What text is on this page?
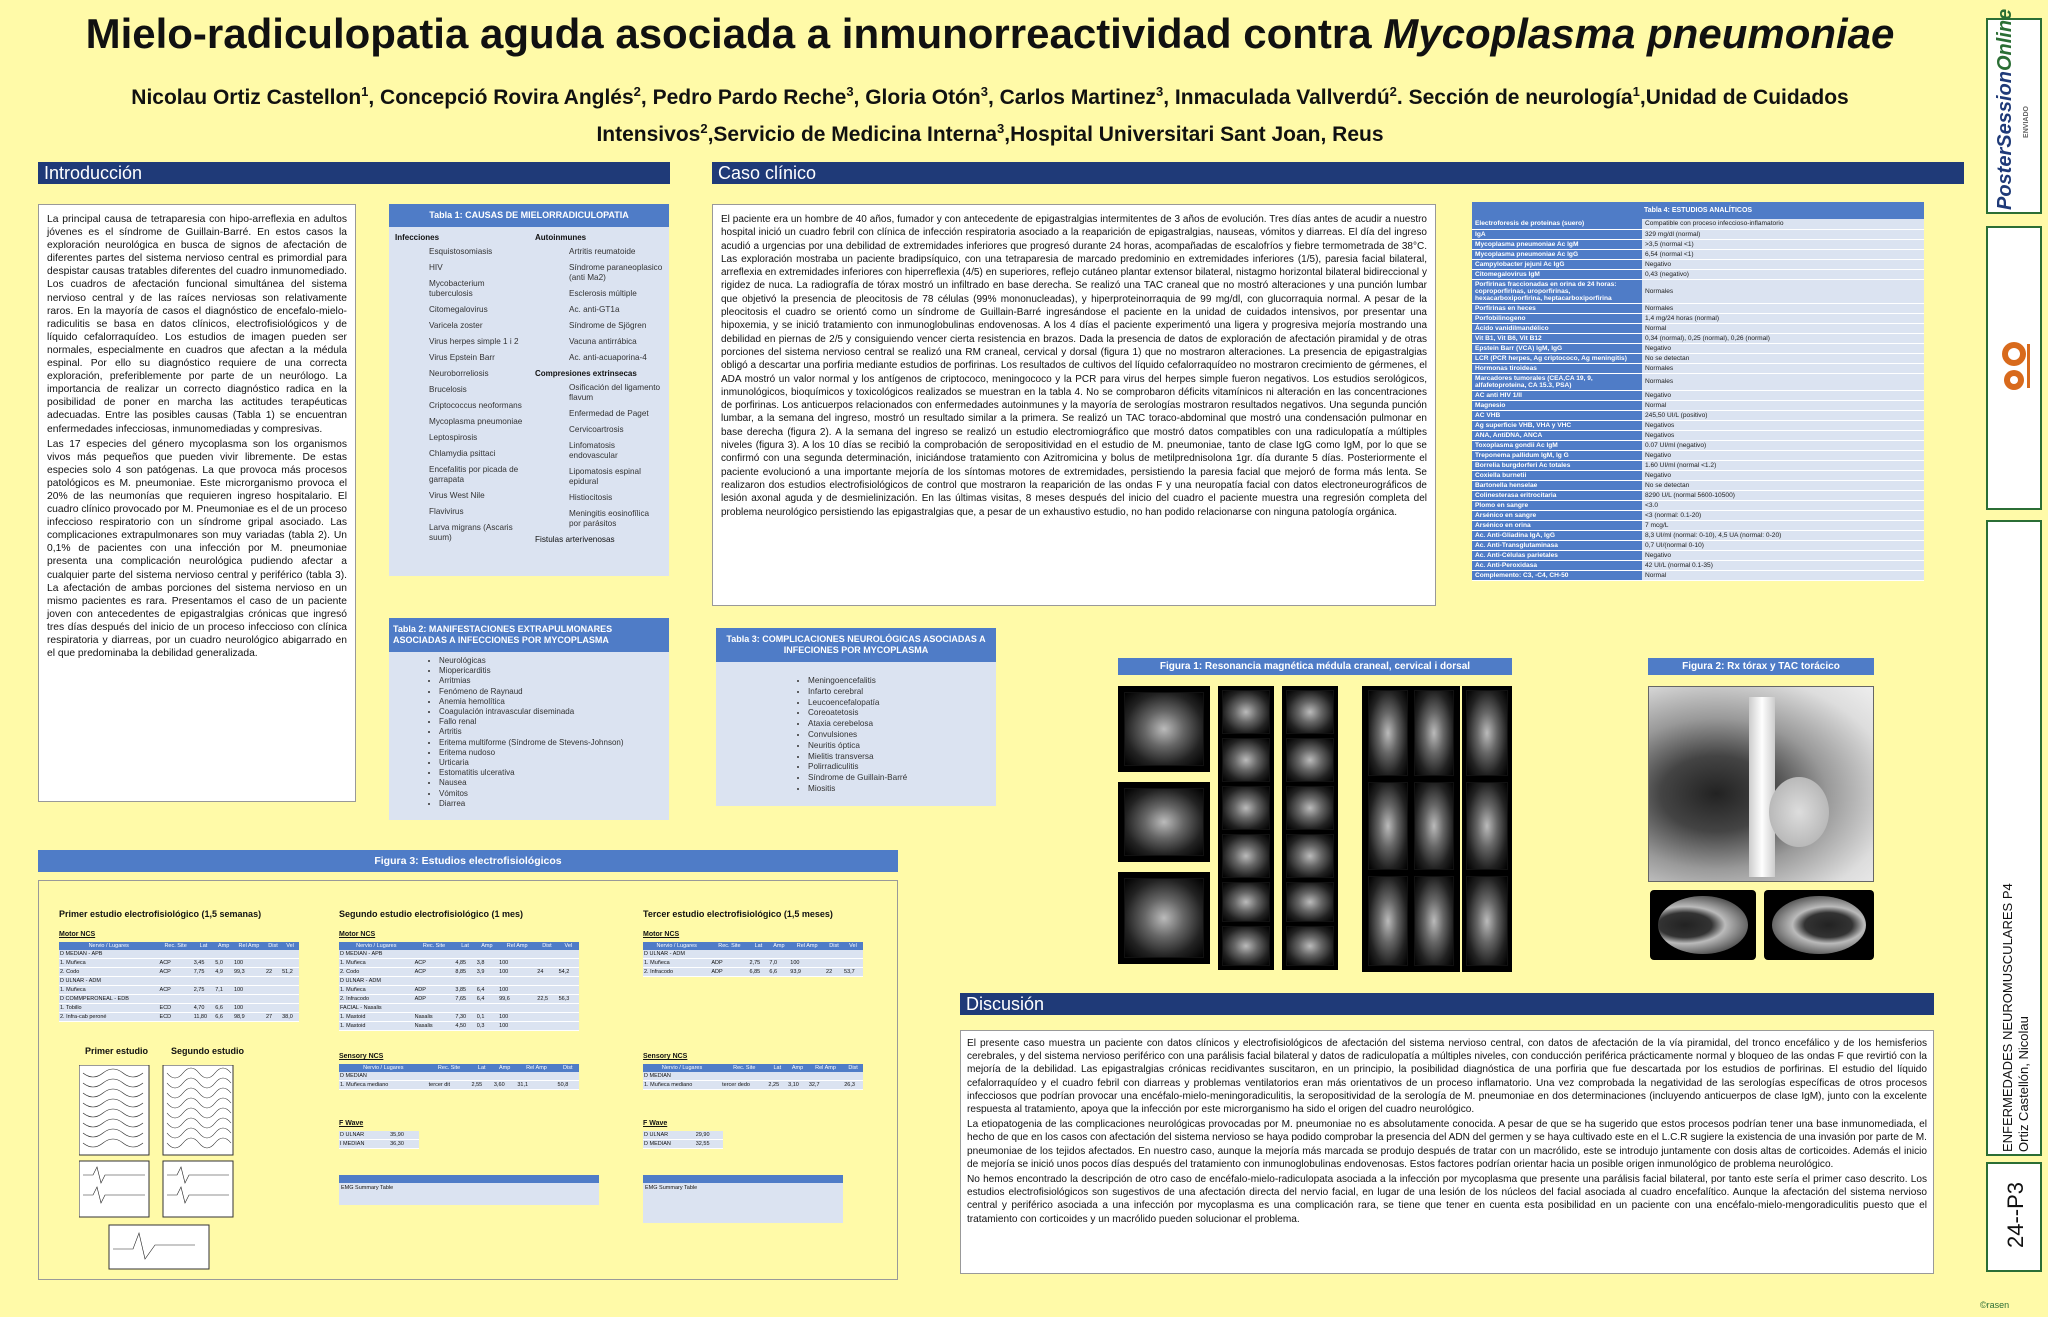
Mielo-radiculopatia aguda asociada a inmunorreactividad contra Mycoplasma pneumoniae
Nicolau Ortiz Castellon$^1$, Concepció Rovira Anglés$^2$, Pedro Pardo Reche$^3$, Gloria Otón$^3$, Carlos Martinez$^3$, Inmaculada Vallverdú$^2$. Sección de neurología$^1$,Unidad de Cuidados
Intensivos$^2$,Servicio de Medicina Interna$^3$,Hospital Universitari Sant Joan, Reus
Introducción

La principal causa de tetraparesia con hipo-arreflexia en adultos jóvenes es el síndrome de Guillain-Barré. En estos casos la exploración neurológica en busca de signos de afectación de diferentes partes del sistema nervioso central es primordial para despistar causas tratables diferentes del cuadro inmunomediado. Los cuadros de afectación funcional simultánea del sistema nervioso central y de las raíces nerviosas son relativamente raros. En la mayoría de casos el diagnóstico de encefalo-mielo-radiculitis se basa en datos clínicos, electrofisiológicos y de líquido cefalorraquídeo. Los estudios de imagen pueden ser normales, especialmente en cuadros que afectan a la médula espinal. Por ello su diagnóstico requiere de una correcta exploración, preferiblemente por parte de un neurólogo. La importancia de realizar un correcto diagnóstico radica en la posibilidad de poner en marcha las actitudes terapéuticas adecuadas. Entre las posibles causas (Tabla 1) se encuentran enfermedades infecciosas, inmunomediadas y compresivas.

Las 17 especies del género mycoplasma son los organismos vivos más pequeños que pueden vivir libremente. De estas especies solo 4 son patógenas. La que provoca más procesos patológicos es M. pneumoniae. Este microrganismo provoca el 20% de las neumonías que requieren ingreso hospitalario. El cuadro clínico provocado por M. Pneumoniae es el de un proceso infeccioso respiratorio con un síndrome gripal asociado. Las complicaciones extrapulmonares son muy variadas (tabla 2). Un 0,1% de pacientes con una infección por M. pneumoniae presenta una complicación neurológica pudiendo afectar a cualquier parte del sistema nervioso central y periférico (tabla 3). La afectación de ambas porciones del sistema nervioso en un mismo pacientes es rara. Presentamos el caso de un paciente joven con antecedentes de epigastralgias crónicas que ingresó tres días después del inicio de un proceso infeccioso con clínica respiratoria y diarreas, por un cuadro neurológico abigarrado en el que predominaba la debilidad generalizada.

Tabla 1: CAUSAS DE MIELORRADICULOPATIA
Infecciones
Esquistosomiasis
HIV
Mycobacterium tuberculosis
Citomegalovirus
Varicela zoster
Virus herpes simple 1 i 2
Virus Epstein Barr
Neuroborreliosis
Brucelosis
Criptococcus neoformans
Mycoplasma pneumoniae
Leptospirosis
Chlamydia psittaci
Encefalitis por picada de garrapata
Virus West Nile
Flavivirus
Larva migrans (Ascaris suum)
Autoinmunes
Artritis reumatoide
Síndrome paraneoplasico (anti Ma2)
Esclerosis múltiple
Ac. anti-GT1a
Síndrome de Sjögren
Vacuna antirrábica
Ac. anti-acuaporina-4
Compresiones extrinsecas
Osificación del ligamento flavum
Enfermedad de Paget
Cervicoartrosis
Linfomatosis endovascular
Lipomatosis espinal epidural
Histiocitosis
Meningitis eosinofílica por parásitos
Fistulas arterivenosas
Tabla 2: MANIFESTACIONES EXTRAPULMONARES ASOCIADAS A INFECCIONES POR MYCOPLASMA
• Neurológicas
• Miopericarditis
• Arritmias
• Fenómeno de Raynaud
• Anemia hemolítica
• Coagulación intravascular diseminada
• Fallo renal
• Artritis
• Eritema multiforme (Síndrome de Stevens-Johnson)
• Eritema nudoso
• Urticaria
• Estomatitis ulcerativa
• Nausea
• Vómitos
• Diarrea
Caso clínico
El paciente era un hombre de 40 años, fumador y con antecedente de epigastralgias intermitentes de 3 años de evolución. Tres días antes de acudir a nuestro hospital inició un cuadro febril con clínica de infección respiratoria asociado a la reaparición de epigastralgias, nauseas, vómitos y diarreas. El día del ingreso acudió a urgencias por una debilidad de extremidades inferiores que progresó durante 24 horas, acompañadas de escalofríos y fiebre termometrada de 38°C. Las exploración mostraba un paciente bradipsíquico, con una tetraparesia de marcado predominio en extremidades inferiores (1/5), paresia facial bilateral, arreflexia en extremidades inferiores con hiperreflexia (4/5) en superiores, reflejo cutáneo plantar extensor bilateral, nistagmo horizontal bilateral bidireccional y rigidez de nuca. La radiografía de tórax mostró un infiltrado en base derecha. Se realizó una TAC craneal que no mostró alteraciones y una punción lumbar que objetivó la presencia de pleocitosis de 78 células (99% mononucleadas), y hiperproteinorraquia de 99 mg/dl, con glucorraquia normal. A pesar de la pleocitosis el cuadro se orientó como un síndrome de Guillain-Barré ingresándose el paciente en la unidad de cuidados intensivos, por presentar una hipoxemia, y se inició tratamiento con inmunoglobulinas endovenosas. A los 4 días el paciente experimentó una ligera y progresiva mejoría mostrando una debilidad en piernas de 2/5 y consiguiendo vencer cierta resistencia en brazos. Dada la presencia de datos de exploración de afectación piramidal y de otras porciones del sistema nervioso central se realizó una RM craneal, cervical y dorsal (figura 1) que no mostraron alteraciones. La presencia de epigastralgias obligó a descartar una porfiria mediante estudios de porfirinas. Los resultados de cultivos del líquido cefalorraquídeo no mostraron crecimiento de gérmenes, el ADA mostró un valor normal y los antígenos de criptococo, meningococo y la PCR para virus del herpes simple fueron negativos. Los estudios serológicos, inmunológicos, bioquímicos y toxicológicos realizados se muestran en la tabla 4. No se comprobaron déficits vitamínicos ni alteración en las concentraciones de porfirinas. Los anticuerpos relacionados con enfermedades autoinmunes y la mayoría de serologías mostraron resultados negativos. Una segunda punción lumbar, a la semana del ingreso, mostró un resultado similar a la primera. Se realizó un TAC toraco-abdominal que mostró una condensación pulmonar en base derecha (figura 2). A la semana del ingreso se realizó un estudio electromiográfico que mostró datos compatibles con una radiculopatía a múltiples niveles (figura 3). A los 10 días se recibió la comprobación de seropositividad en el estudio de M. pneumoniae, tanto de clase IgG como IgM, por lo que se confirmó con una segunda determinación, iniciándose tratamiento con Azitromicina y bolus de metilprednisolona 1gr. día durante 5 días. Posteriormente el paciente evolucionó a una importante mejoría de los síntomas motores de extremidades, persistiendo la paresia facial que mejoró de forma más lenta. Se realizaron dos estudios electrofisiológicos de control que mostraron la reaparición de las ondas F y una neuropatía facial con datos electroneurográficos de lesión axonal aguda y de desmielinización. En las últimas visitas, 8 meses después del inicio del cuadro el paciente muestra una regresión completa del problema neurológico persistiendo las epigastralgias que, a pesar de un exhaustivo estudio, no han podido relacionarse con ninguna patología orgánica.
Tabla 4: ESTUDIOS ANALÍTICOS
Electroforesis de proteinas (suero)	Compatible con proceso infeccioso-inflamatorio
IgA	329 mg/dl (normal)
Mycoplasma pneumoniae Ac IgM	>3,5 (normal <1)
Mycoplasma pneumoniae Ac IgG	6,54 (normal <1)
Campylobacter jejuni Ac IgG	Negativo
Citomegalovirus IgM	0,43 (negativo)
Porfirinas fraccionadas en orina de 24 horas: coproporfirinas, uroporfirinas, hexacarboxiporfirina, heptacarboxiporfirina	Normales
Porfirinas en heces	Normales
Porfobilinogeno	1,4 mg/24 horas (normal)
Ácido vanidilmandélico	Normal
Vit B1, Vit B6, Vit B12	0,34 (normal), 0,25 (normal), 0,26 (normal)
Epstein Barr (VCA) IgM, IgG	Negativo
LCR (PCR herpes, Ag criptococo, Ag meningitis)	No se detectan
Hormonas tiroideas	Normales
Marcadores tumorales (CEA,CA 19, 9, alfafetoproteina, CA 15.3, PSA)	Normales
AC anti HIV 1/II	Negativo
Magnesio	Normal
AC VHB	245,50 UI/L (positivo)
Ag superficie VHB, VHA y VHC	Negativos
ANA, AntiDNA, ANCA	Negativos
Toxoplasma gondii Ac IgM	0.07 UI/ml (negativo)
Treponema pallidum IgM, Ig G	Negativo
Borrelia burgdorferi Ac totales	1.60 UI/ml (normal <1.2)
Coxiella burnetii	Negativo
Bartonella henselae	No se detectan
Colinesterasa eritrocitaria	8290 U/L (normal 5600-10500)
Plomo en sangre	<3.0
Arsénico en sangre	<3 (normal: 0.1-20)
Arsénico en orina	7 mcg/L
Ac. Anti-Gliadina IgA, IgG	8,3 UI/ml (normal: 0-10), 4,5 UA (normal: 0-20)
Ac. Anti-Transglutaminasa	0,7 UI/(normal 0-10)
Ac. Anti-Células parietales	Negativo
Ac. Anti-Peroxidasa	42 UI/L (normal 0.1-35)
Complemento: C3, -C4, CH-50	Normal
Tabla 3: COMPLICACIONES NEUROLÓGICAS ASOCIADAS A INFECIONES POR MYCOPLASMA
• Meningoencefalitis
• Infarto cerebral
• Leucoencefalopatía
• Coreoatetosis
• Ataxia cerebelosa
• Convulsiones
• Neuritis óptica
• Mielitis transversa
• Polirradiculitis
• Síndrome de Guillain-Barré
• Miositis
Figura 1: Resonancia magnética médula craneal, cervical i dorsal	Figura 2: Rx tórax y TAC torácico
Discusión

El presente caso muestra un paciente con datos clínicos y electrofisiológicos de afectación del sistema nervioso central, con datos de afectación de la vía piramidal, del tronco encefálico y de los hemisferios cerebrales, y del sistema nervioso periférico con una parálisis facial bilateral y datos de radiculopatía a múltiples niveles, con conducción periférica prácticamente normal y bloqueo de las ondas F que revirtió con la mejoría de la debilidad. Las epigastralgias crónicas recidivantes suscitaron, en un principio, la posibilidad diagnóstica de una porfiria que fue descartada por los estudios de porfirinas. El estudio del líquido cefalorraquídeo y el cuadro febril con diarreas y problemas ventilatorios eran más orientativos de un proceso inflamatorio. Una vez comprobada la negatividad de las serologías específicas de otros procesos infecciosos que podrían provocar una encéfalo-mielo-meningoradiculitis, la seropositividad de la serología de M. pneumoniae en dos determinaciones (incluyendo anticuerpos de clase IgM), junto con la excelente respuesta al tratamiento, apoya que la infección por este microrganismo ha sido el origen del cuadro neurológico.

La etiopatogenia de las complicaciones neurológicas provocadas por M. pneumoniae no es absolutamente conocida. A pesar de que se ha sugerido que estos procesos podrían tener una base inmunomediada, el hecho de que en los casos con afectación del sistema nervioso se haya podido comprobar la presencia del ADN del germen y se haya cultivado este en el L.C.R sugiere la existencia de una invasión por parte de M. pneumoniae de los tejidos afectados. En nuestro caso, aunque la mejoría más marcada se produjo después de tratar con un macrólido, este se introdujo juntamente con dosis altas de corticoides. Además el inicio de mejoría se inició unos pocos días después del tratamiento con inmunoglobulinas endovenosas. Estos factores podrían orientar hacia un posible origen inmunológico de problema neurológico.

No hemos encontrado la descripción de otro caso de encéfalo-mielo-radiculopata asociada a la infección por mycoplasma que presente una parálisis facial bilateral, por tanto este sería el primer caso descrito. Los estudios electrofisiológicos son sugestivos de una afectación directa del nervio facial, en lugar de una lesión de los núcleos del facial asociada al cuadro encefalítico. Aunque la afectación del sistema nervioso central y periférico asociada a una infección por mycoplasma es una complicación rara, se tiene que tener en cuenta esta posibilidad en un paciente con una encéfalo-mielo-mengoradiculitis puesto que el tratamiento con corticoides y un macrólido pueden solucionar el problema.

Figura 3: Estudios electrofisiológicos
Primer estudio electrofisiológico (1,5 semanas)
Motor NCS
Nervio / Lugares	Rec. Site	Lat	Amp	Rel Amp	Dist	Vel
D MEDIAN - APB						
1. Muñeca	ACP	3,45	5,0	100		
2. Codo	ACP	7,75	4,9	99,3	22	51,2
D ULNAR - ADM						
1. Muñeca	ACP	2,75	7,1	100		
D COMMPERONEAL - EDB						
1. Tobillo	ECD	4,70	6,6	100		
2. Infra-cab peroné	ECD	11,80	6,6	98,9	27	38,0
Segundo estudio electrofisiológico (1 mes)
Motor NCS
Nervio / Lugares	Rec. Site	Lat	Amp	Rel Amp	Dist	Vel
D MEDIAN - APB						
1. Muñeca	ACP	4,85	3,8	100		
2. Codo	ACP	8,85	3,9	100	24	54,2
D ULNAR - ADM						
1. Muñeca	ADP	3,85	6,4	100		
2. Infracodo	ADP	7,65	6,4	99,6	22,5	56,3
FACIAL - Nasalis						
1. Mastoid	Nasalis	7,30	0,1	100		
1. Mastoid	Nasalis	4,50	0,3	100		
Sensory NCS
Nervio / Lugares	Rec. Site	Lat	Amp	Rel Amp	Dist
D MEDIAN					
1. Muñeca mediano	tercer dit	2,55	3,60	31,1	50,8
F Wave
D ULNAR	35,90
I MEDIAN	36,30
EMG Summary Table
Tercer estudio electrofisiológico (1,5 meses)
Motor NCS
Nervio / Lugares	Rec. Site	Lat	Amp	Rel Amp	Dist	Vel
D ULNAR - ADM						
1. Muñeca	ADP	2,75	7,0	100		
2. Infracodo	ADP	6,85	6,6	93,9	22	53,7
Sensory NCS
Nervio / Lugares	Rec. Site	Lat	Amp	Rel Amp	Dist
D MEDIAN					
1. Muñeca mediano	tercer dedo	2,25	3,10	32,7	26,3
F Wave
D ULNAR	29,90
D MEDIAN	32,55
EMG Summary Table
Primer estudio	Segundo estudio
PosterSessionOnline
ENVIADO
ENFERMEDADES NEUROMUSCULARES P4 Ortiz Castellón, Nicolau
24--P3
©rasen
